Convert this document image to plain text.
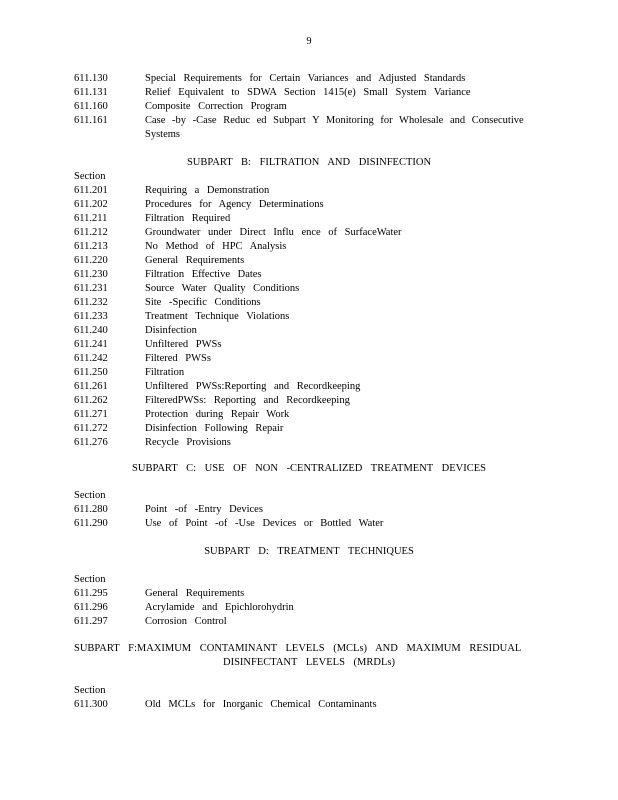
9
611.130	Special Requirements for Certain Variances and Adjusted Standards
611.131	Relief Equivalent to SDWA Section 1415(e) Small System Variance
611.160	Composite Correction Program
611.161	Case -by -Case Reduc ed Subpart Y Monitoring for Wholesale and Consecutive Systems
SUBPART B: FILTRATION AND DISINFECTION
Section
611.201	Requiring a Demonstration
611.202	Procedures for Agency Determinations
611.211	Filtration Required
611.212	Groundwater under Direct Influ ence of SurfaceWater
611.213	No Method of HPC Analysis
611.220	General Requirements
611.230	Filtration Effective Dates
611.231	Source Water Quality Conditions
611.232	Site -Specific Conditions
611.233	Treatment Technique Violations
611.240	Disinfection
611.241	Unfiltered PWSs
611.242	Filtered PWSs
611.250	Filtration
611.261	Unfiltered PWSs:Reporting and Recordkeeping
611.262	FilteredPWSs: Reporting and Recordkeeping
611.271	Protection during Repair Work
611.272	Disinfection Following Repair
611.276	Recycle Provisions
SUBPART C: USE OF NON -CENTRALIZED TREATMENT DEVICES
Section
611.280	Point -of -Entry Devices
611.290	Use of Point -of -Use Devices or Bottled Water
SUBPART D: TREATMENT TECHNIQUES
Section
611.295	General Requirements
611.296	Acrylamide and Epichlorohydrin
611.297	Corrosion Control
SUBPART F:MAXIMUM CONTAMINANT LEVELS (MCLs) AND MAXIMUM RESIDUAL
DISINFECTANT LEVELS (MRDLs)
Section
611.300	Old MCLs for Inorganic Chemical Contaminants
